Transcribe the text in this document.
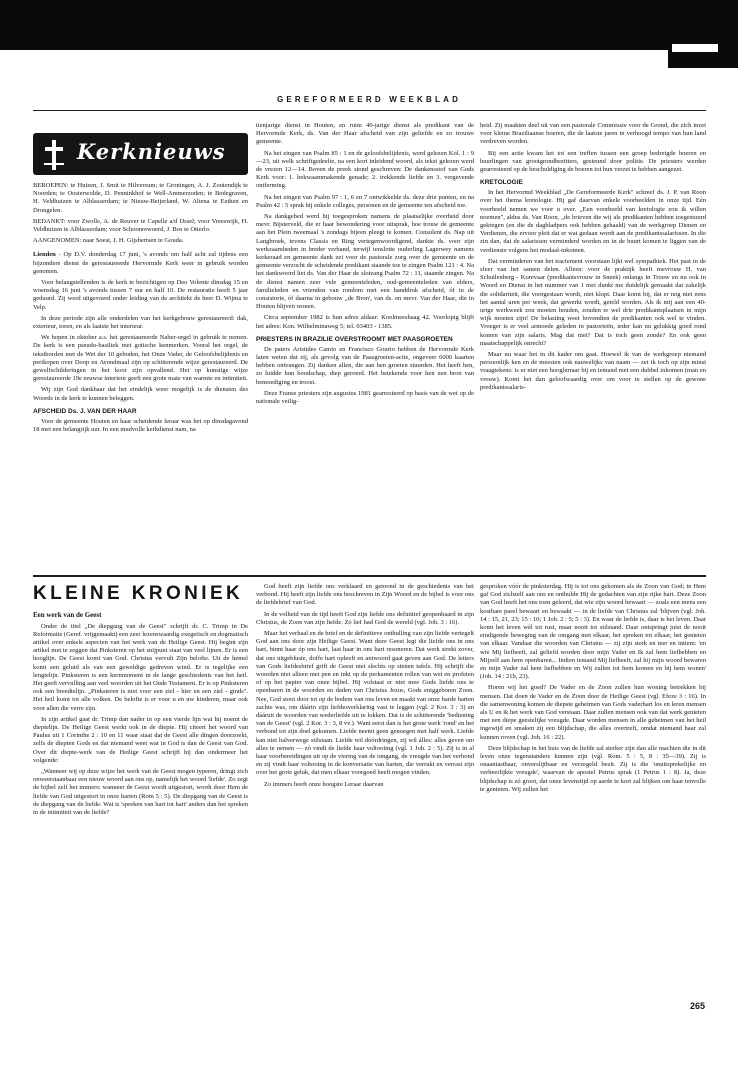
GEREFORMEERD WEEKBLAD
Kerknieuws

BEROEPEN: te Huizen, J. Smit te Hilversum; te Groningen, A. J. Zoutendijk te Noorden; te Oosterwolde, D. Penninkhof te Well-Ammerzoden; te Bodegraven, H. Veldhuizen te Alblasserdam; te Nieuw-Beijerland, W. Altena te Eethen en Drongelen.

BEDANKT: voor Zwolle, A. de Reuver te Capelle a/d IJssel; voor Vreeswijk, H. Veldhuizen te Alblasserdam; voor Schoonrewoerd, J. Bos te Otterlo.

AANGENOMEN: naar Soest, J. H. Gijsbertsen te Gouda.

Lienden - Op D.V. donderdag 17 juni, 's avonds om half acht zal tijdens een bijzondere dienst de gerestaureerde Hervormde Kerk weer in gebruik worden genomen.

Voor belangstellenden is de kerk te bezichtigen op Deo Volente dinsdag 15 en woensdag 16 juni 's avonds tussen 7 uur en half 10. De restauratie heeft 5 jaar geduurd. Zij werd uitgevoerd onder leiding van de architekt de heer D. Wijma te Velp.

In deze periode zijn alle onderdelen van het kerkgebouw gerestaureerd: dak, exterieur, toren, en als laatste het interieur.

We hopen in oktober a.s. het gerestaureerde Naber-orgel in gebruik te nemen. De kerk is een pseudo-basiliek met gotische kenmerken. Vooral het orgel, de tekstborden met de Wet der 10 geboden, het Onze Vader, de Geloofsbelijdenis en perikopen over Doop en Avondmaal zijn op schitterende wijze gerestaureerd. De gewelfschilderingen in het koor zijn opvallend. Het op kunstige wijze gerestaureerde 19e eeuwse interieur geeft een grote mate van warmte en intimiteit.

Wij zijn God dankbaar dat het eindelijk weer mogelijk is de diensten des Woords in de kerk te kunnen beleggen.

AFSCHEID Ds. J. VAN DER HAAR

Voor de gemeente Houten en haar scheidende leraar was het op dinsdagavond 18 mei een belangrijk uur. In een mudvolle kerkdienst nam, na

tienjarige dienst in Houten, en ruim 40-jarige dienst als predikant van de Hervormde Kerk, ds. Van der Haar afscheid van zijn geliefde en zo trouwe gemeente.

Na het zingen van Psalm 85 : 1 en de geloofsbelijdenis, werd gelezen Kol. 1 : 9—23, uit welk schriftgedeelte, na een kort inleidend woord, als tekst gelezen werd de vrezen 12—14. Boven de preek stond geschreven: De dankensstof van Gods Kerk voor: 1. bekwaammakende genade; 2. trekkende liefde en 3. vergevende ontferming.

Na het zingen van Psalm 97 : 1, 6 en 7 ontwikkelde ds. deze drie punten, en na Psalm 42 : 5 sprak hij enkele colleges, personen en de gemeente ten afscheid toe.

Na dankgebed werd hij toegesproken namens de plaatselijke overheid door mevr. Bijsterveld, die er haar bewondering voor uitsprak, hoe trouw de gemeente aan het Plein tweemaal 's zondags bijeen pleegt te komen. Consulent ds. Nap uit Langbroek, tevens Classis en Ring vertegenwoordigend, dankte ds. voor zijn werkzaamheden in breder verband, terwijl tenslotte ouderling Lagerwey namens kerkeraad en gemeente dank zei voor de pastorale zorg over de gemeente en de gemeente verzocht de scheidende predikant staande toe te zingen Psalm 121 : 4. Na het dankwoord liet ds. Van der Haar de slotzang Psalm 72 : 11, staande zingen. Na de dienst namen zeer vele gemeenteleden, oud-gemeenteleden van elders, familieleden en vrienden van rondom met een handdruk afscheid, óf in de consistorie, óf daarna in gebouw „de Bron', van ds. en mevr. Van der Haar, die in Houten blijven wonen.

Circa september 1982 is hun adres aldaar: Koolmeeshaag 42. Voorlopig blijft het adres: Kon. Wilhelminaweg 5; tel. 03403 - 1385.

PRIESTERS IN BRAZILIE OVERSTROOMT MET PAASGROETEN

De paters Aristides Camio en Francisco Gourio hebben de Hervormde Kerk laten weten dat zij, als gevolg van de Paasgroeten-actie, ongeveer 6000 kaarten hebben ontvangen. Zij danken allen, die aan hen groeten stuurden. Het heeft hen, zo luidde hun boodschap, diep geroerd. Het betekende voor hen een bron van bemoediging en troost.

Deze Franse priesters zijn augustus 1981 gearresteerd op basis van de wet op de nationale veilig-

heid. Zij maakten deel uit van een pastorale Commissie voor de Grond, die zich inzet voor kleine Braziliaanse boeren, die de laatste jaren in verhoogd tempo van hun land verdreven worden.

Bij een actie kwam het tot een treffen tussen een groep bedreigde boeren en huurlingen van grootgrondbezitters, gesteund door politie. De priesters werden gearresteerd op de beschuldiging de boeren tot hun verzet te hebben aangezet.

KRETOLOGIE

In het Hervormd Weekblad „De Gereformeerde Kerk" schreef ds. J. P. van Roon over het thema kretologie. Hij gaf daarvan enkele voorbeelden in onze tijd. Eén voorbeeld nemen we voor u over. „Een voorbeeld van kretologie zou ik willen noemen", aldus ds. Van Roon, „de brieven die wij als predikanten hebben toegestuurd gekregen (en die de dagbladpers ook hebben gehaald) van de werkgroep Dienen en Verdienen, die ervoor pleit dat er wat gedaan wordt aan de predikantssalarissen. In die zin dan, dat de salarissen verminderd worden en in de buurt komen te liggen van de verdienste volgens het modaal-inkomen.

Dat verminderen van het tractement voorstaan lijkt wel sympathiek. Het past in de sfeer van het samen delen. Alleen: voor de praktijk heeft mevrouw H. van Schuilenberg - Korevaar (predikantsvrouw in Sneek) onlangs in Trouw en nu ook in Woord en Dienst in het nummer van 1 mei dunkt me duidelijk gemaakt dat zakelijk die solidariteit, die voorgestaan wordt, niet klopt. Daar komt bij, dat er nog niet eens het aantal uren per week, dat gewerkt wordt, geteld worden. Als ik mij aan een 40-urige werkweek zou moeten houden, zouden er wel drie predikantsplaatsen in mijn wijk moeten zijn! De belasting weet bovendien de predikanten ook wel te vinden. Vroeger is er veel armoede geleden in pastorieën, ieder kan nu gelukkig goed rond komen van zijn salaris. Mag dat niet? Dat is toch geen zonde? En ook geen maatschappelijk onrecht?

Maar nu waar het in dit kader om gaat. Hoewel ik van de werkgroep niemand persoonlijk ken en de meesten ook nauwelijks van naam — zet ik toch op zijn minst vraagtekens: is er niet een hooglerraar bij en iemand met een dubbel inkomen (man en vrouw). Komt het dan geloofwaardig over om voor te stellen op de gewone predikantssalaris-

KLEINE KRONIEK
Een werk van de Geest

Onder de titel „De diepgang van de Geest" schrijft dr. C. Trimp in De Reformatie (Geref. vrijgemaakt) een zeer lezenswaardig exegetisch en dogmatisch artikel over enkele aspecten van het werk van de Heilige Geest. Hij begint zijn artikel met te zeggen dat Pinksteren op het snijpunt staat van veel lijnen. Er is een hooglijn. De Geest komt van God. Christus vervult Zijn belofte. Uit de hemel komt een geluid als van een geweldige gedreven wind. Er is tegelijke een lengtelijn. Pinksteren is een kernmoment in de lange geschiedenis van het heil. Het geeft vervulling aan veel woorden uit het Oude Testament. Er is op Pinksteren ook een breedtelijn. „Pinksteren is niet voor een ziel - hier en een ziel - ginds". Het heil komt tot alle volken. De belofte is er voor u en uw kinderen, maar ook voor allen die verre zijn.

In zijn artikel gaat dr. Trimp dan nader in op een vierde lijn wat hij noemt de dieptelijn. De Heilige Geest werkt ook in de diepte. Hij citeert het woord van Paulus uit 1 Corinthe 2 : 10 en 11 waar staat dat de Geest alle dingen doorzoekt, zelfs de diepten Gods en dat niemand weet wat in God is dan de Geest van God. Over dit diepte-werk van de Heilige Geest schrijft hij dan ondermeer het volgende:

„Wanneer wij op deze wijze het werk van de Geest mogen typeren, dringt zich onweerstaanbaar een nieuw woord aan ons op, namelijk het woord 'liefde'. Zo zegt de bijbel zelf het immers: wanneer de Geest wordt uitgestort, wordt door Hem de liefde van God uitgestort in onze harten (Rom 5 : 5). De diepgang van de Geest is de diepgang van de liefde. Wat is 'spreken van hart tot hart' anders dan het spreken in de intimiteit van de liefde?

God heeft zijn liefde ons verklaard en getoond in de geschiedenis van het verbond. Hij heeft zijn liefde ons beschreven in Zijn Woord en de bijbel is voor ons de liefdebrief van God.

In de volheid van de tijd heeft God zijn liefde ons definitief geopenbaard in zijn Christus, de Zoon van zijn liefde. Zo lief had God de wereld (vgl. Joh. 3 : 16).

Maar het verhaal en de brief en de definitieve onthulling van zijn liefde vertegelt God aan ons door zijn Heilige Geest. Want deze Geest legt die liefde ons in ons hart, binnt haar óp ons hart, laat haar in ons hart resoneren. Dat werk strekt zover, dat ons uitgebluste, doffe hart opleeft en antwoord gaat geven aan God. De letters van Gods liefdesbrief grift de Geest niet slechts op stenen tafels. Hij schrijft die woorden niet alleen met pen en inkt op de perkamenten rollen van wet en profeten of op het papier van onze bijbel. Hij volstaat er niet mee Gods liefde ons te openbaren in de woorden en daden van Christus Jezus, Gods eniggeboren Zoon. Nee, God stoot door tot op de bodem van ons leven en maakt van onze harde harten zachte was, om dáárin zijn liefdesverklaring vast te leggen (vgl. 2 Kor. 3 : 3) en dááruit de woorden van wederliefde uit te lokken. Dat is de schitterende 'bediening van de Geest' (vgl. 2 Kor. 3 : 3, 8 vv.). Want eerst dan is het grote werk 'rond' en het verbond tot zijn doel gekomen. Liefde neemt geen genoegen met half werk. Liefde kan niet halverwege stilstaan. Liefde wil dóórdringen, zij wil álles: alles geven om alles te nemen — zó vindt de liefde haar voltooiing (vgl. 1 Joh. 2 : 5). Zij is in al haar voorbereidingen uit op de viering van de omgang, de vreugde van het verbond en zij vindt haar voltooing in de konversatie van harten, die verrukt en verrast zijn over het grote geluk, dat men elkaar voorgoed heeft mogen vinden.

Zo immers heeft onze hoogste Leraar daarvan

gesproken vóór de pinksterdag. Hij is tot ons gekomen als de Zoon van God; in Hem gaf God zichzelf aan ons en onthulde Hij de gedachten van zijn rijke hart. Deze Zoon van God heeft het ons toen geleerd, dat wie zijn woord bewaart — zoals een mens een kostbare parel bewaart en bewaakt — in de liefde van Christus zal 'blijven (vgl. Joh. 14 : 15, 21, 23; 15 : 10; 1 Joh. 2 : 5; 5 : 3). En waar de liefde is, daar is het leven. Daar komt het leven wèl tot rust, maar nooit tot stilstand. Daar ontspringt juist de nooit eindigende beweging van de omgang met elkaar, het spreken tot elkaar, het genieten van elkaar. Vandaar die woorden van Christus — zij zijn sterk en teer en intiem: 'en wie Mij liefheeft, zal geliefd worden door mijn Vader en Ik zal hem liefhebben en Mijzelf aan hem openbaren... Indien iemand Mij liefheeft, zal hij mijn woord bewaren en mijn Vader zal hem liefhebben en Wij zullen tot hem komen en bij hem wonen' (Joh. 14 : 21b, 23).

Horen wij het goed? De Vader en de Zoon zullen hun woning betrekken bij mensen. Dat doen de Vader en de Zoon door de Heilige Geest (vgl. Efeze 3 : 16). In die samenwoning komen de diepste geheimen van Gods vaderhart los en leren mensen als U en ik het werk van God verstaan. Daar zullen mensen ook van dat werk genieten met een diepe geestelijke vreugde. Daar worden mensen in alle geheimen van het heil ingewijd en smaken zij een blijdschap, die alles overtreft, omdat niemand haar zal kunnen roven (vgl. Joh. 16 : 22).

Deze blijdschap in het huis van de liefde zal sterker zijn dan alle machten die in dit leven onze tegenstanders kunnen zijn (vgl. Rom. 5 : 5, 8 : 35—39). Zij is onaantastbaar, onverslijtbaar en verzegeld bezit. Zij is die 'onuitsprekelijke en verheerlijkte vreugde', waarvan de apostel Petrus sprak (1 Petrus 1 : 8). Ja, deze blijdschap is zó groot, dat onze levenstijd op aarde te kort zal blijken om haar tenvolle te genieten. Wij zullen het

265
